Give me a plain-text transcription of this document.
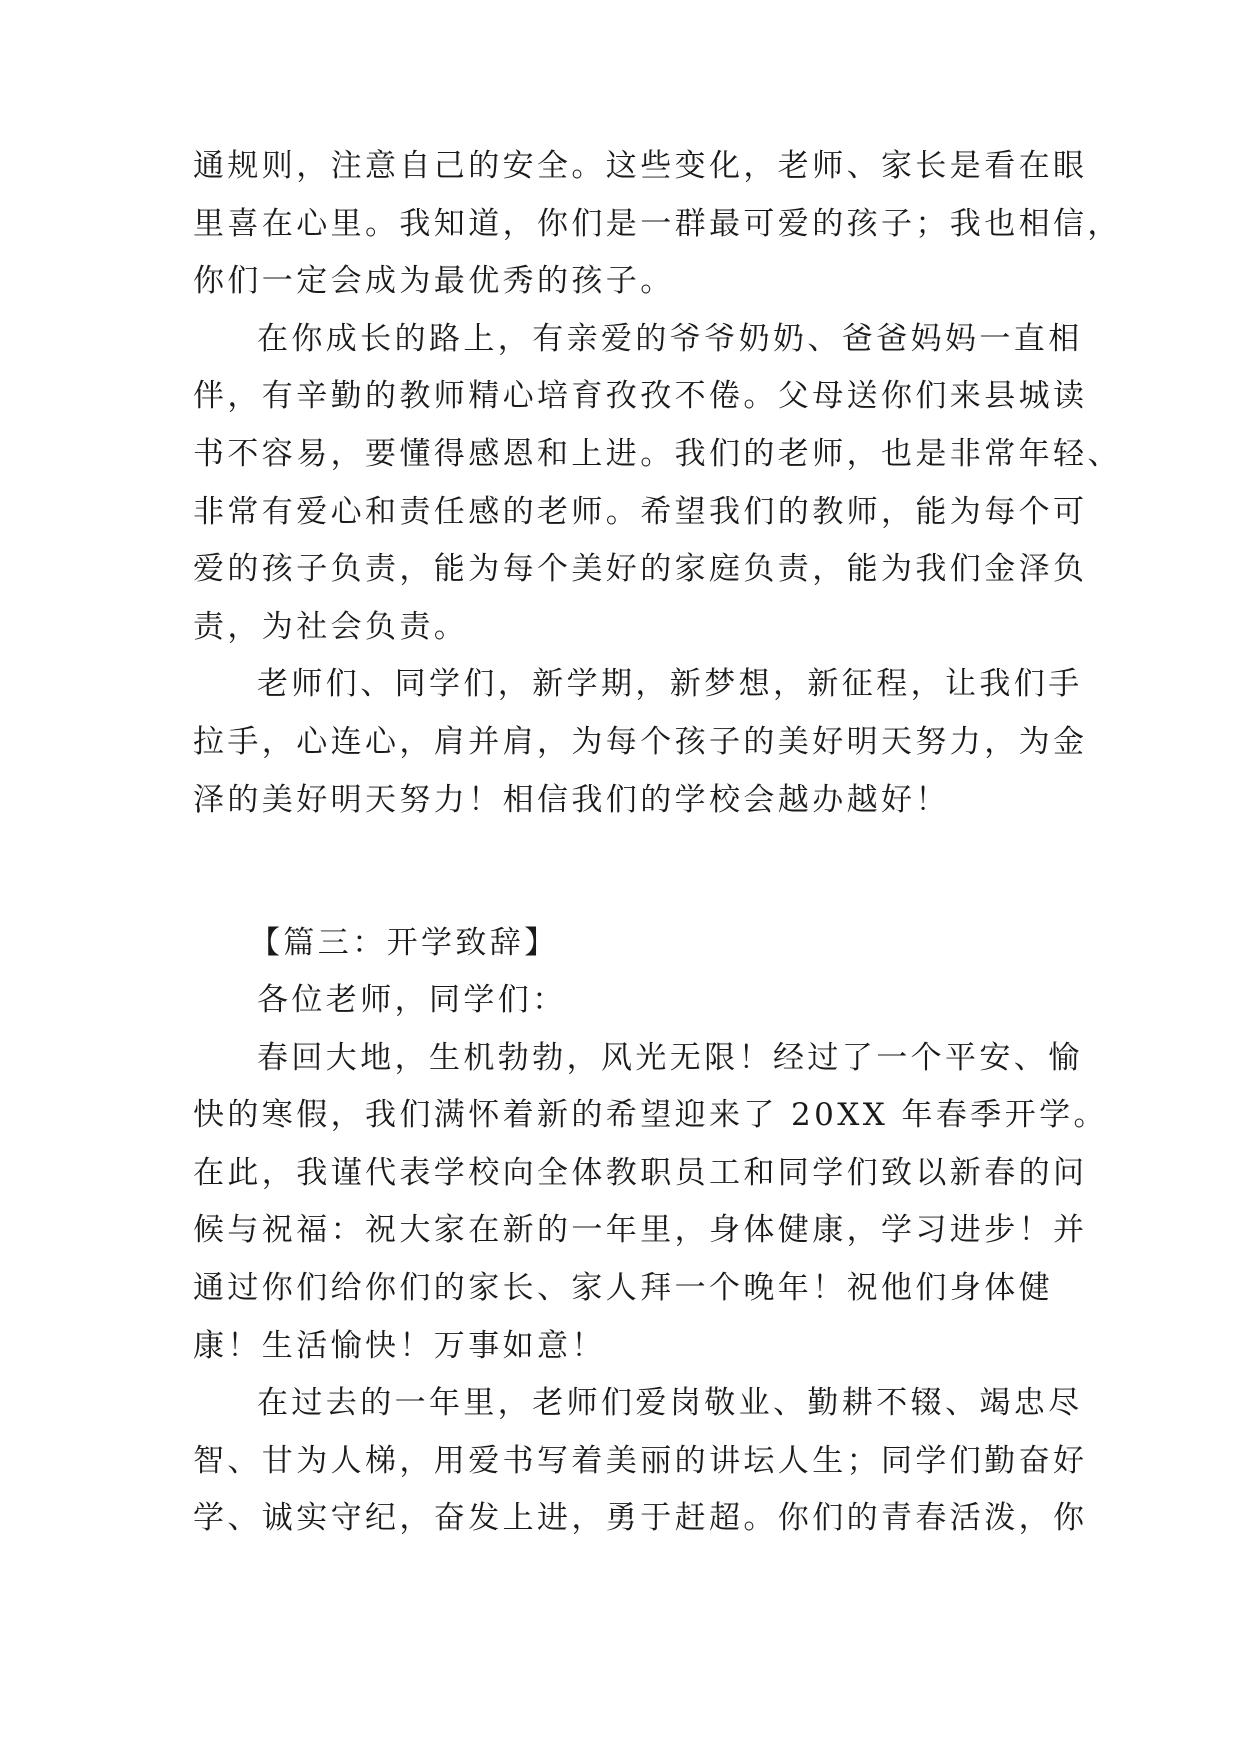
通规则，注意自己的安全。这些变化，老师、家长是看在眼
里喜在心里。我知道，你们是一群最可爱的孩子；我也相信，
你们一定会成为最优秀的孩子。
在你成长的路上，有亲爱的爷爷奶奶、爸爸妈妈一直相
伴，有辛勤的教师精心培育孜孜不倦。父母送你们来县城读
书不容易，要懂得感恩和上进。我们的老师，也是非常年轻、
非常有爱心和责任感的老师。希望我们的教师，能为每个可
爱的孩子负责，能为每个美好的家庭负责，能为我们金泽负
责，为社会负责。
老师们、同学们，新学期，新梦想，新征程，让我们手
拉手，心连心，肩并肩，为每个孩子的美好明天努力，为金
泽的美好明天努力！相信我们的学校会越办越好！
【篇三：开学致辞】
各位老师，同学们：
春回大地，生机勃勃，风光无限！经过了一个平安、愉
快的寒假，我们满怀着新的希望迎来了 20XX 年春季开学。
在此，我谨代表学校向全体教职员工和同学们致以新春的问
候与祝福：祝大家在新的一年里，身体健康，学习进步！并
通过你们给你们的家长、家人拜一个晚年！祝他们身体健
康！生活愉快！万事如意！
在过去的一年里，老师们爱岗敬业、勤耕不辍、竭忠尽
智、甘为人梯，用爱书写着美丽的讲坛人生；同学们勤奋好
学、诚实守纪，奋发上进，勇于赶超。你们的青春活泼，你
